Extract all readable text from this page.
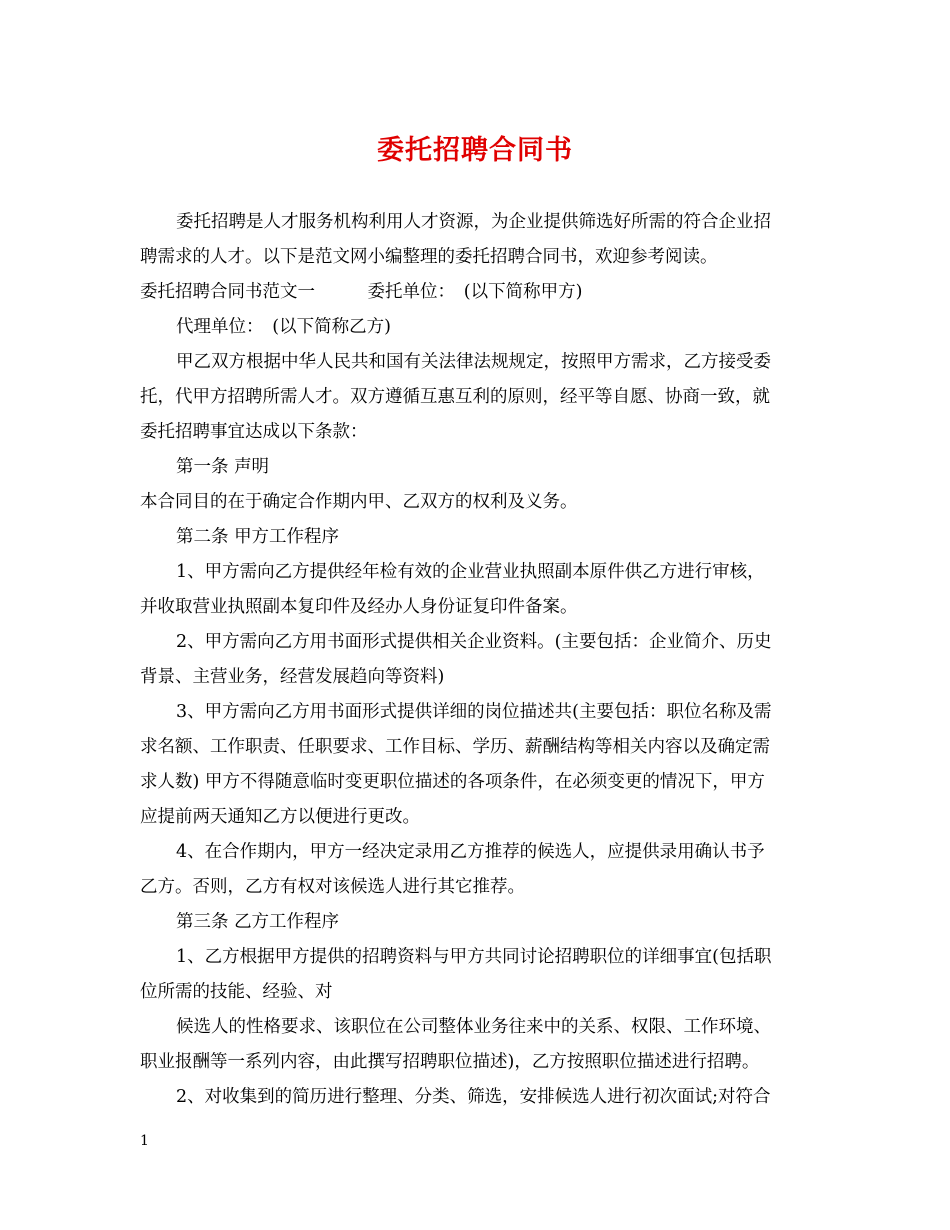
委托招聘合同书
委托招聘是人才服务机构利用人才资源，为企业提供筛选好所需的符合企业招
聘需求的人才。以下是范文网小编整理的委托招聘合同书，欢迎参考阅读。
委托招聘合同书范文一　　　委托单位：　(以下简称甲方)
代理单位：　(以下简称乙方)
甲乙双方根据中华人民共和国有关法律法规规定，按照甲方需求，乙方接受委
托，代甲方招聘所需人才。双方遵循互惠互利的原则，经平等自愿、协商一致，就
委托招聘事宜达成以下条款：
第一条 声明
本合同目的在于确定合作期内甲、乙双方的权利及义务。
第二条 甲方工作程序
1、甲方需向乙方提供经年检有效的企业营业执照副本原件供乙方进行审核，
并收取营业执照副本复印件及经办人身份证复印件备案。
2、甲方需向乙方用书面形式提供相关企业资料。(主要包括：企业简介、历史
背景、主营业务，经营发展趋向等资料)
3、甲方需向乙方用书面形式提供详细的岗位描述共(主要包括：职位名称及需
求名额、工作职责、任职要求、工作目标、学历、薪酬结构等相关内容以及确定需
求人数) 甲方不得随意临时变更职位描述的各项条件，在必须变更的情况下，甲方
应提前两天通知乙方以便进行更改。
4、在合作期内，甲方一经决定录用乙方推荐的候选人，应提供录用确认书予
乙方。否则，乙方有权对该候选人进行其它推荐。
第三条 乙方工作程序
1、乙方根据甲方提供的招聘资料与甲方共同讨论招聘职位的详细事宜(包括职
位所需的技能、经验、对
候选人的性格要求、该职位在公司整体业务往来中的关系、权限、工作环境、
职业报酬等一系列内容，由此撰写招聘职位描述)，乙方按照职位描述进行招聘。
2、对收集到的简历进行整理、分类、筛选，安排候选人进行初次面试;对符合
1
